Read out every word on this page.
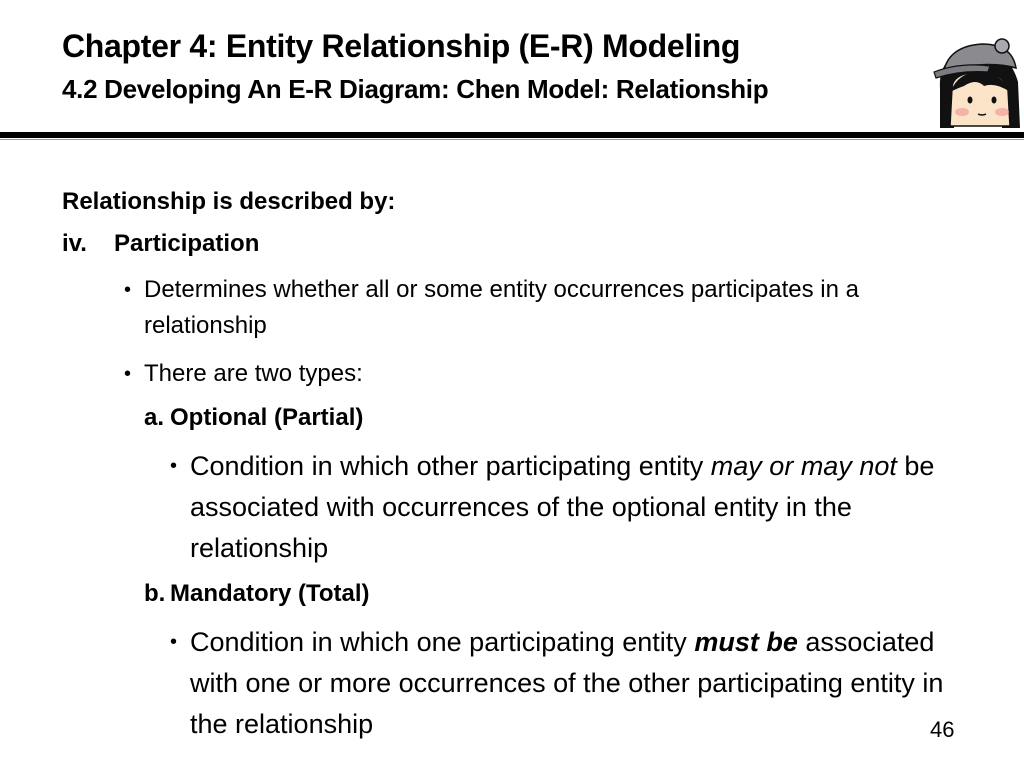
Chapter 4: Entity Relationship (E-R) Modeling
4.2 Developing An E-R Diagram: Chen Model: Relationship
Relationship is described by:
iv. Participation
• Determines whether all or some entity occurrences participates in a relationship
• There are two types:
a. Optional (Partial)
• Condition in which other participating entity may or may not be associated with occurrences of the optional entity in the relationship
b. Mandatory (Total)
• Condition in which one participating entity must be associated with one or more occurrences of the other participating entity in the relationship	46
